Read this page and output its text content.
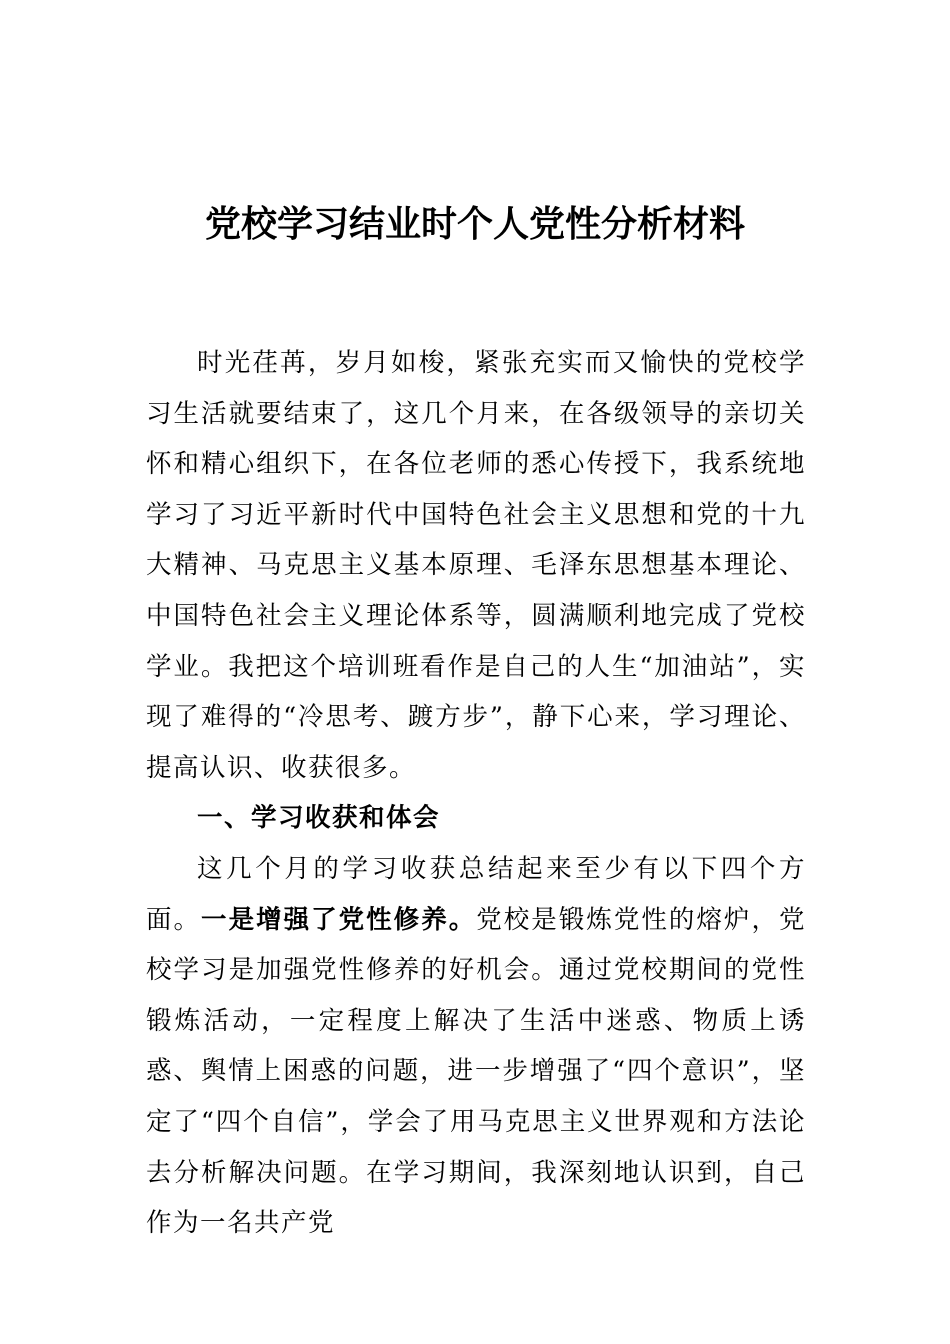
党校学习结业时个人党性分析材料

时光荏苒，岁月如梭，紧张充实而又愉快的党校学习生活就要结束了，这几个月来，在各级领导的亲切关怀和精心组织下，在各位老师的悉心传授下，我系统地学习了习近平新时代中国特色社会主义思想和党的十九大精神、马克思主义基本原理、毛泽东思想基本理论、中国特色社会主义理论体系等，圆满顺利地完成了党校学业。我把这个培训班看作是自己的人生“加油站”，实现了难得的“冷思考、踱方步”，静下心来，学习理论、提高认识、收获很多。

一、学习收获和体会

这几个月的学习收获总结起来至少有以下四个方面。一是增强了党性修养。党校是锻炼党性的熔炉，党校学习是加强党性修养的好机会。通过党校期间的党性锻炼活动，一定程度上解决了生活中迷惑、物质上诱惑、舆情上困惑的问题，进一步增强了“四个意识”，坚定了“四个自信”，学会了用马克思主义世界观和方法论去分析解决问题。在学习期间，我深刻地认识到，自己作为一名共产党
